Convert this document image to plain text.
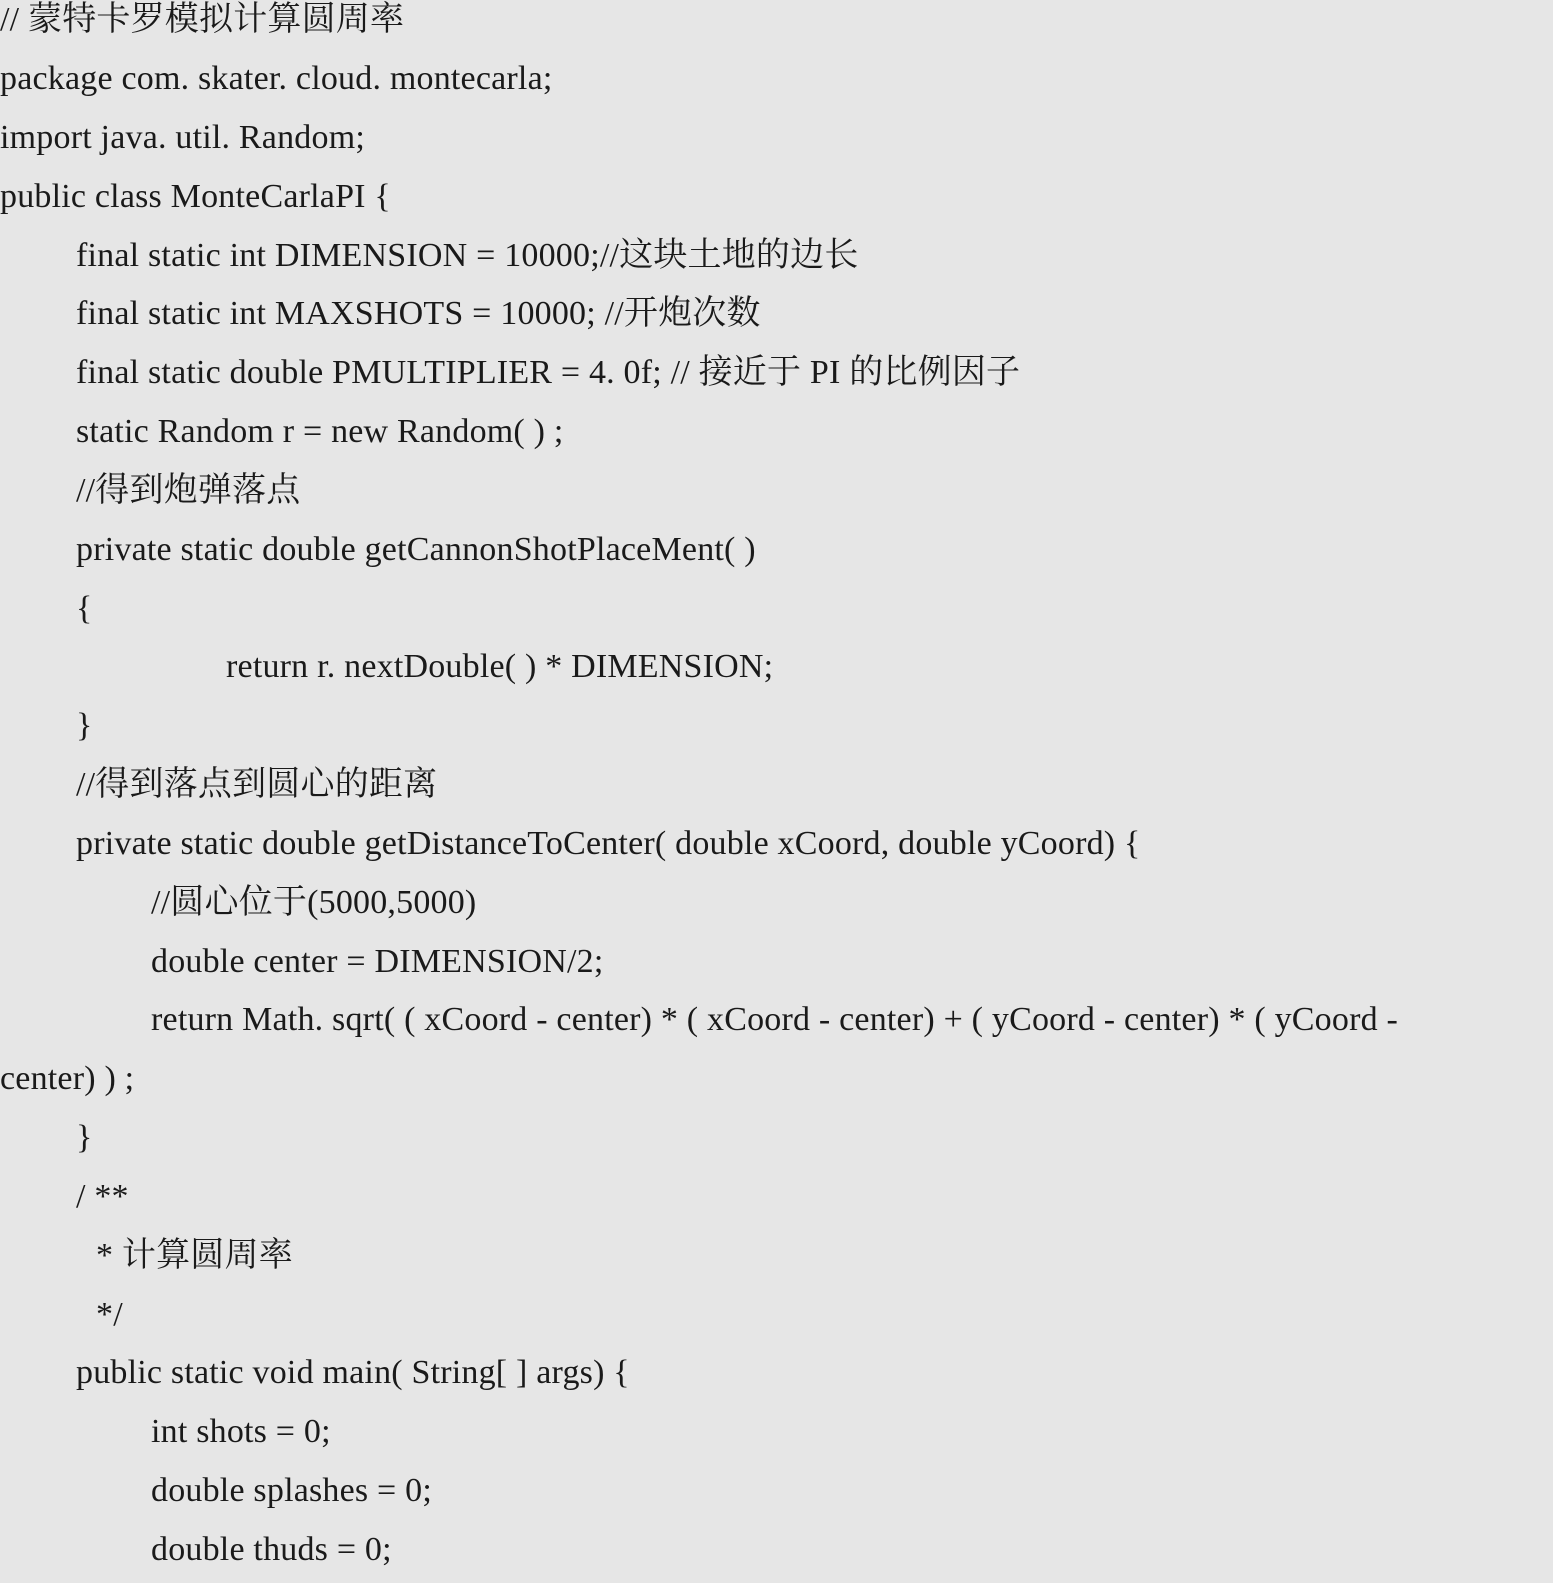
// 蒙特卡罗模拟计算圆周率
package com. skater. cloud. montecarla;
import java. util. Random;
public class MonteCarlaPI {
final static int DIMENSION = 10000;//这块土地的边长
final static int MAXSHOTS = 10000; //开炮次数
final static double PMULTIPLIER = 4. 0f; // 接近于 PI 的比例因子
static Random r = new Random( ) ;
//得到炮弹落点
private static double getCannonShotPlaceMent( )
{
return r. nextDouble( ) * DIMENSION;
}
//得到落点到圆心的距离
private static double getDistanceToCenter( double xCoord, double yCoord) {
//圆心位于(5000,5000)
double center = DIMENSION/2;
return Math. sqrt( ( xCoord - center) * ( xCoord - center) + ( yCoord - center) * ( yCoord -
center) ) ;
}
/ **
* 计算圆周率
*/
public static void main( String[ ] args) {
int shots = 0;
double splashes = 0;
double thuds = 0;
